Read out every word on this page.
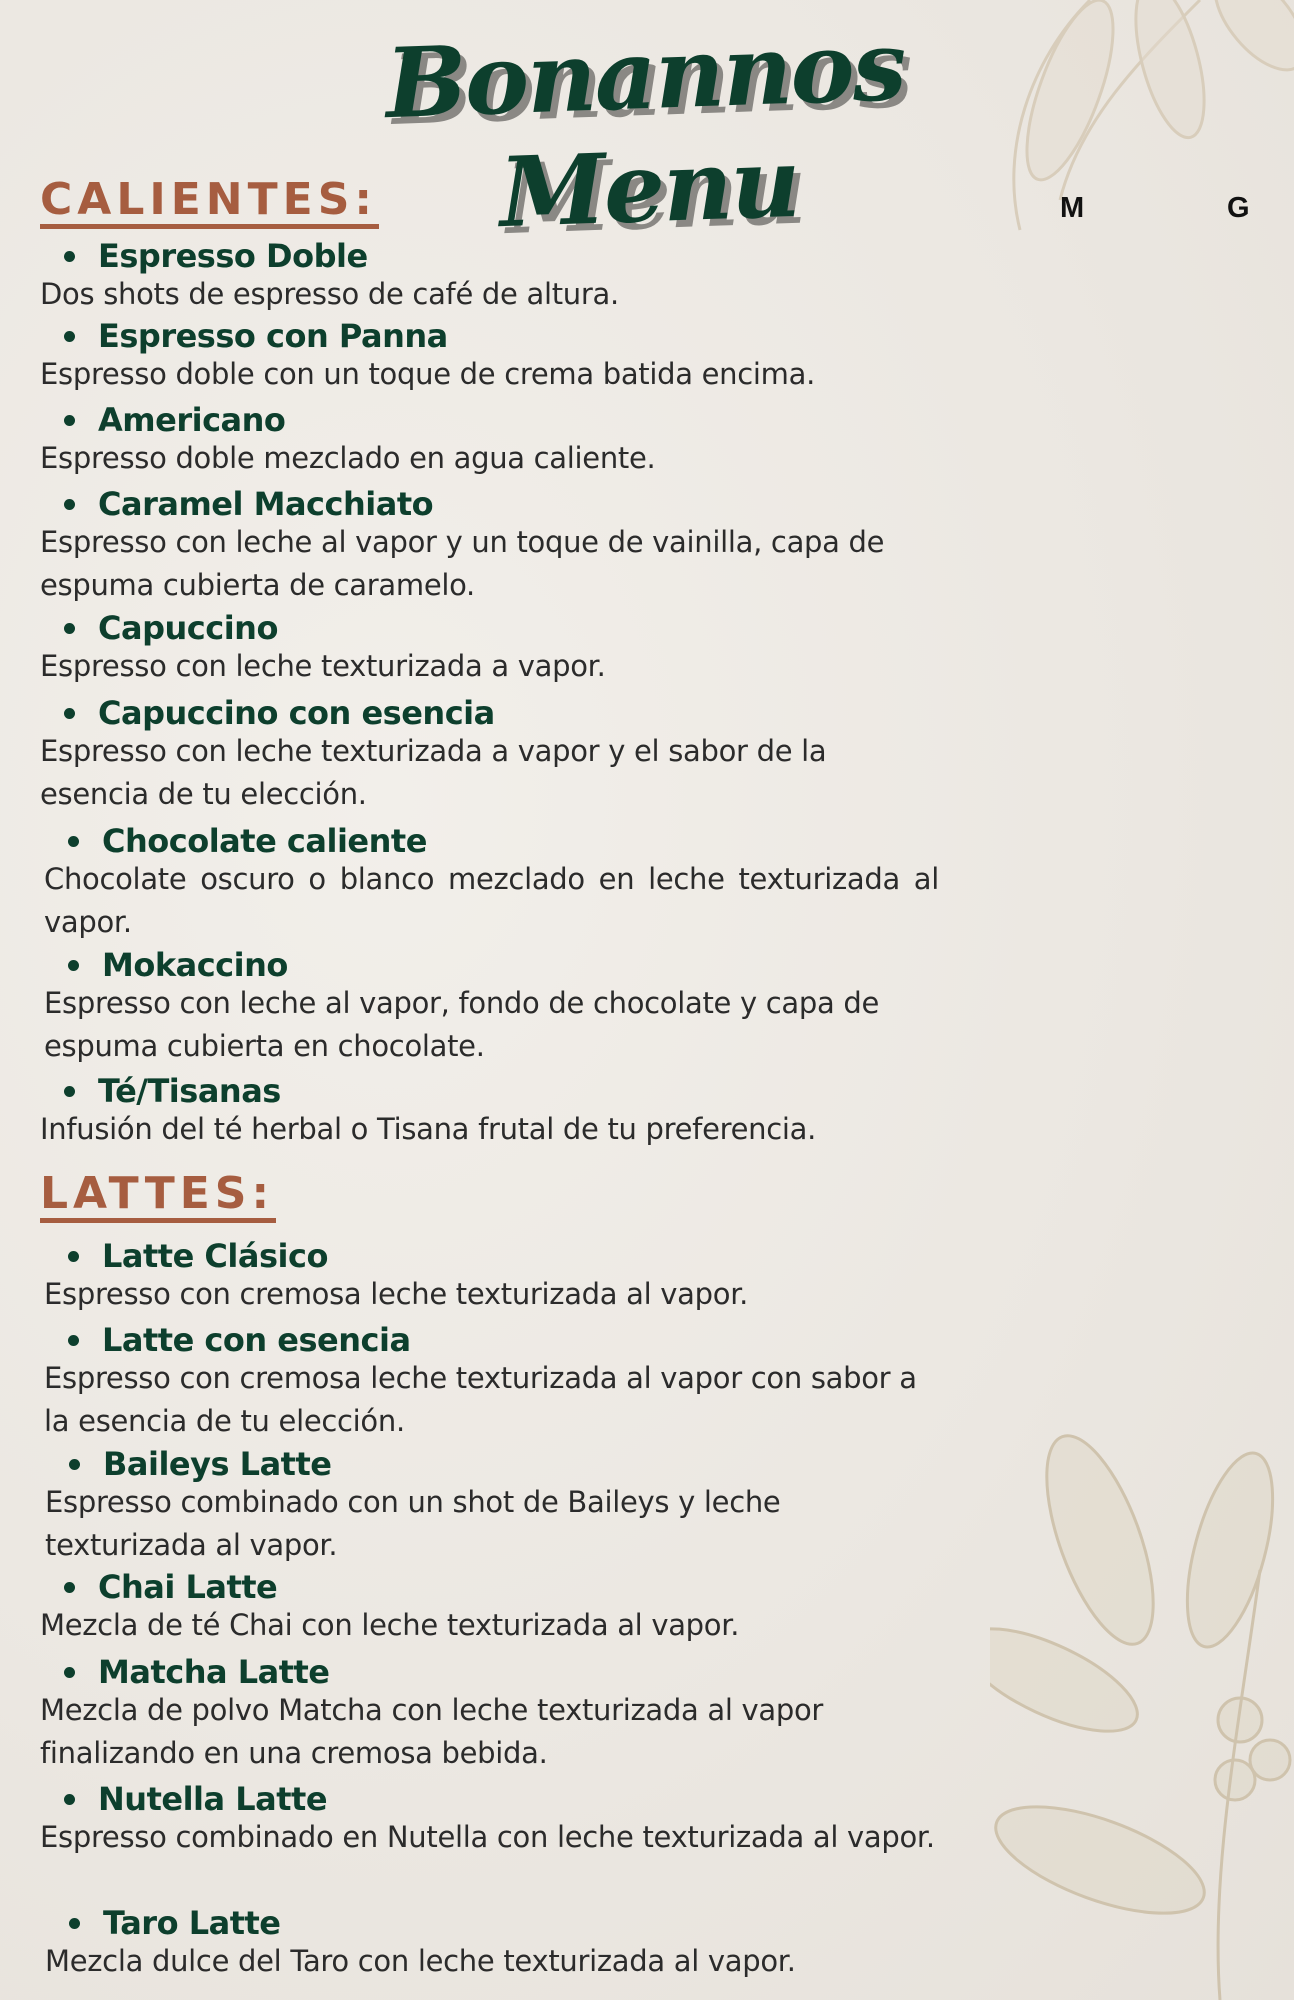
Bonannos Menu
CALIENTES:	M	G
Espresso Doble
Dos shots de espresso de café de altura.
Espresso con Panna
Espresso doble con un toque de crema batida encima.
Americano
Espresso doble mezclado en agua caliente.
Caramel Macchiato
Espresso con leche al vapor y un toque de vainilla, capa de espuma cubierta de caramelo.
Capuccino
Espresso con leche texturizada a vapor.
Capuccino con esencia
Espresso con leche texturizada a vapor y el sabor de la esencia de tu elección.
Chocolate caliente
Chocolate oscuro o blanco mezclado en leche texturizada al vapor.
Mokaccino
Espresso con leche al vapor, fondo de chocolate y capa de espuma cubierta en chocolate.
Té/Tisanas
Infusión del té herbal o Tisana frutal de tu preferencia.
LATTES:
Latte Clásico
Espresso con cremosa leche texturizada al vapor.
Latte con esencia
Espresso con cremosa leche texturizada al vapor con sabor a la esencia de tu elección.
Baileys Latte
Espresso combinado con un shot de Baileys y leche texturizada al vapor.
Chai Latte
Mezcla de té Chai con leche texturizada al vapor.
Matcha Latte
Mezcla de polvo Matcha con leche texturizada al vapor finalizando en una cremosa bebida.
Nutella Latte
Espresso combinado en Nutella con leche texturizada al vapor.
Taro Latte
Mezcla dulce del Taro con leche texturizada al vapor.
